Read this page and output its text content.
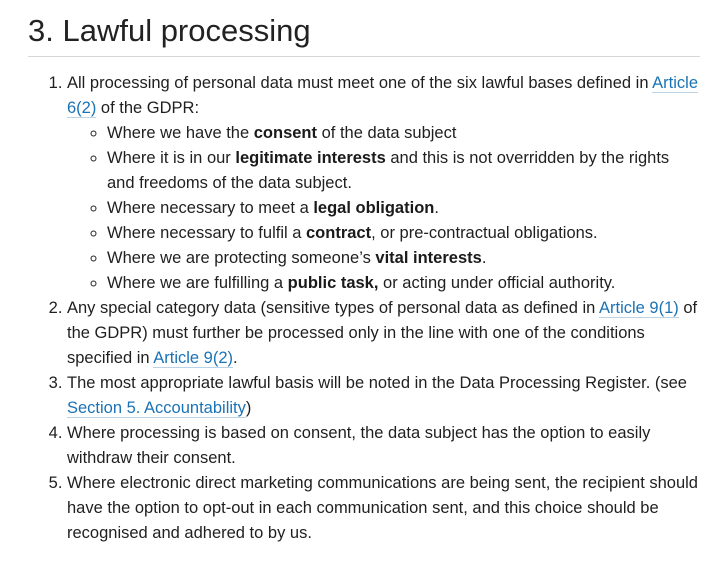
3. Lawful processing
1. All processing of personal data must meet one of the six lawful bases defined in Article 6(2) of the GDPR:
◦ Where we have the consent of the data subject
◦ Where it is in our legitimate interests and this is not overridden by the rights and freedoms of the data subject.
◦ Where necessary to meet a legal obligation.
◦ Where necessary to fulfil a contract, or pre-contractual obligations.
◦ Where we are protecting someone’s vital interests.
◦ Where we are fulfilling a public task, or acting under official authority.
2. Any special category data (sensitive types of personal data as defined in Article 9(1) of the GDPR) must further be processed only in the line with one of the conditions specified in Article 9(2).
3. The most appropriate lawful basis will be noted in the Data Processing Register. (see Section 5. Accountability)
4. Where processing is based on consent, the data subject has the option to easily withdraw their consent.
5. Where electronic direct marketing communications are being sent, the recipient should have the option to opt-out in each communication sent, and this choice should be recognised and adhered to by us.
